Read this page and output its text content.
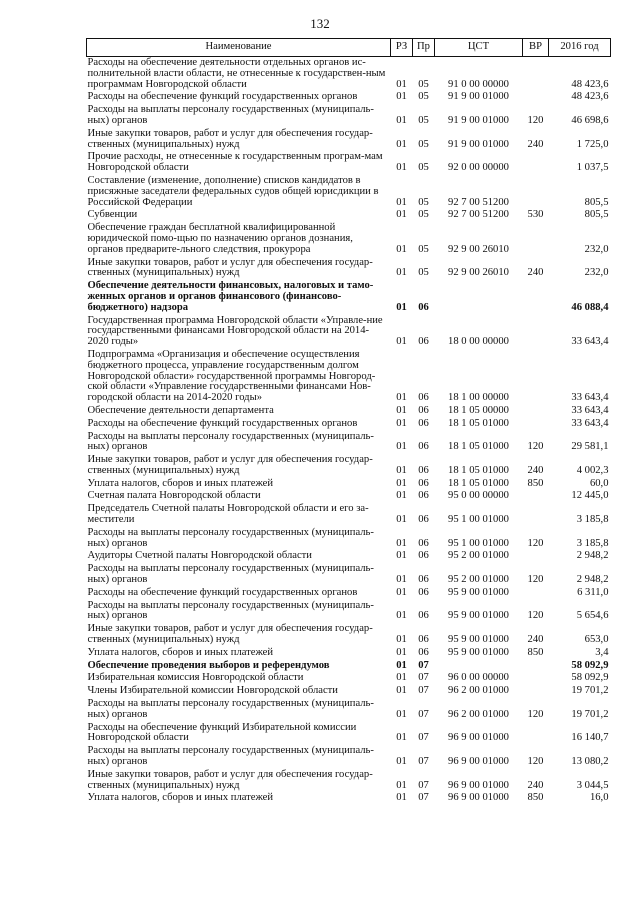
132
Наименование	РЗ	Пр	ЦСТ	ВР	2016 год
Расходы на обеспечение деятельности отдельных органов ис-полнительной власти области, не отнесенные к государствен-ным программам Новгородской области	01	05	91 0 00 00000		48 423,6
Расходы на обеспечение функций государственных органов	01	05	91 9 00 01000		48 423,6
Расходы на выплаты персоналу государственных (муниципаль-ных) органов	01	05	91 9 00 01000	120	46 698,6
Иные закупки товаров, работ и услуг для обеспечения государ-ственных (муниципальных) нужд	01	05	91 9 00 01000	240	1 725,0
Прочие расходы, не отнесенные к государственным програм-мам Новгородской области	01	05	92 0 00 00000		1 037,5
Составление (изменение, дополнение) списков кандидатов в присяжные заседатели федеральных судов общей юрисдикции в Российской Федерации	01	05	92 7 00 51200		805,5
Субвенции	01	05	92 7 00 51200	530	805,5
Обеспечение граждан бесплатной квалифицированной юридической помо-щью по назначению органов дознания, органов предварите-льного следствия, прокурора	01	05	92 9 00 26010		232,0
Иные закупки товаров, работ и услуг для обеспечения государ-ственных (муниципальных) нужд	01	05	92 9 00 26010	240	232,0
Обеспечение деятельности финансовых, налоговых и тамо-женных органов и органов финансового (финансово-бюджетного) надзора	01	06			46 088,4
Государственная программа Новгородской области «Управле-ние государственными финансами Новгородской области на 2014-2020 годы»	01	06	18 0 00 00000		33 643,4
Подпрограмма «Организация и обеспечение осуществления бюджетного процесса, управление государственным долгом Новгородской области» государственной программы Новгород-ской области «Управление государственными финансами Нов-городской области на 2014-2020 годы»	01	06	18 1 00 00000		33 643,4
Обеспечение деятельности департамента	01	06	18 1 05 00000		33 643,4
Расходы на обеспечение функций государственных органов	01	06	18 1 05 01000		33 643,4
Расходы на выплаты персоналу государственных (муниципаль-ных) органов	01	06	18 1 05 01000	120	29 581,1
Иные закупки товаров, работ и услуг для обеспечения государ-ственных (муниципальных) нужд	01	06	18 1 05 01000	240	4 002,3
Уплата налогов, сборов и иных платежей	01	06	18 1 05 01000	850	60,0
Счетная палата Новгородской области	01	06	95 0 00 00000		12 445,0
Председатель Счетной палаты Новгородской области и его за-местители	01	06	95 1 00 01000		3 185,8
Расходы на выплаты персоналу государственных (муниципаль-ных) органов	01	06	95 1 00 01000	120	3 185,8
Аудиторы Счетной палаты Новгородской области	01	06	95 2 00 01000		2 948,2
Расходы на выплаты персоналу государственных (муниципаль-ных) органов	01	06	95 2 00 01000	120	2 948,2
Расходы на обеспечение функций государственных органов	01	06	95 9 00 01000		6 311,0
Расходы на выплаты персоналу государственных (муниципаль-ных) органов	01	06	95 9 00 01000	120	5 654,6
Иные закупки товаров, работ и услуг для обеспечения государ-ственных (муниципальных) нужд	01	06	95 9 00 01000	240	653,0
Уплата налогов, сборов и иных платежей	01	06	95 9 00 01000	850	3,4
Обеспечение проведения выборов и референдумов	01	07			58 092,9
Избирательная комиссия Новгородской области	01	07	96 0 00 00000		58 092,9
Члены Избирательной комиссии Новгородской области	01	07	96 2 00 01000		19 701,2
Расходы на выплаты персоналу государственных (муниципаль-ных) органов	01	07	96 2 00 01000	120	19 701,2
Расходы на обеспечение функций Избирательной комиссии Новгородской области	01	07	96 9 00 01000		16 140,7
Расходы на выплаты персоналу государственных (муниципаль-ных) органов	01	07	96 9 00 01000	120	13 080,2
Иные закупки товаров, работ и услуг для обеспечения государ-ственных (муниципальных) нужд	01	07	96 9 00 01000	240	3 044,5
Уплата налогов, сборов и иных платежей	01	07	96 9 00 01000	850	16,0
